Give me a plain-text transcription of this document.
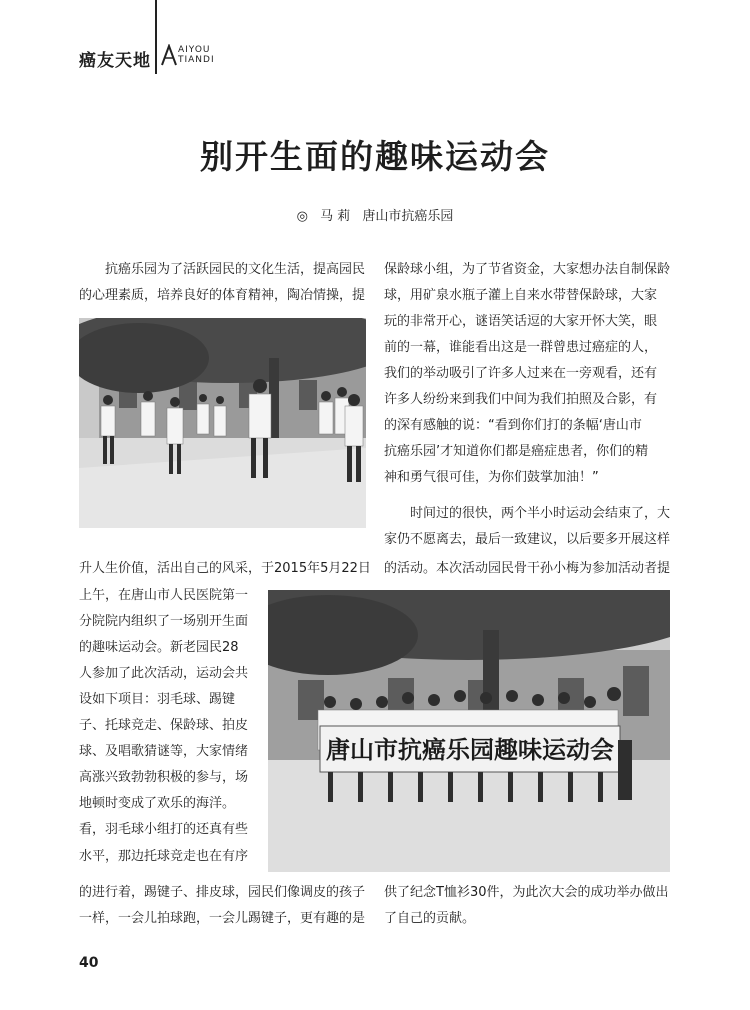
癌友天地
AIYOU
TIANDI
别开生面的趣味运动会
◎ 马 莉 唐山市抗癌乐园
唐山市抗癌乐园趣味运动会
　　抗癌乐园为了活跃园民的文化生活，提高园民
的心理素质，培养良好的体育精神，陶冶情操，提
升人生价值，活出自己的风采，于2015年5月22日
上午，在唐山市人民医院第一
分院院内组织了一场别开生面
的趣味运动会。新老园民28
人参加了此次活动，运动会共
设如下项目：羽毛球、踢键
子、托球竞走、保龄球、拍皮
球、及唱歌猜谜等，大家情绪
高涨兴致勃勃积极的参与，场
地顿时变成了欢乐的海洋。
看，羽毛球小组打的还真有些
水平，那边托球竞走也在有序
的进行着，踢键子、排皮球，园民们像调皮的孩子
一样，一会儿拍球跑，一会儿踢键子，更有趣的是
保龄球小组，为了节省资金，大家想办法自制保龄
球，用矿泉水瓶子灌上自来水带替保龄球，大家
玩的非常开心，谜语笑话逗的大家开怀大笑，眼
前的一幕，谁能看出这是一群曾患过癌症的人，
我们的举动吸引了许多人过来在一旁观看，还有
许多人纷纷来到我们中间为我们拍照及合影，有
的深有感触的说：“看到你们打的条幅‘唐山市
抗癌乐园’才知道你们都是癌症患者，你们的精
神和勇气很可佳，为你们鼓掌加油！”
　　时间过的很快，两个半小时运动会结束了，大
家仍不愿离去，最后一致建议，以后要多开展这样
的活动。本次活动园民骨干孙小梅为参加活动者提
供了纪念T恤衫30件，为此次大会的成功举办做出
了自己的贡献。
40
